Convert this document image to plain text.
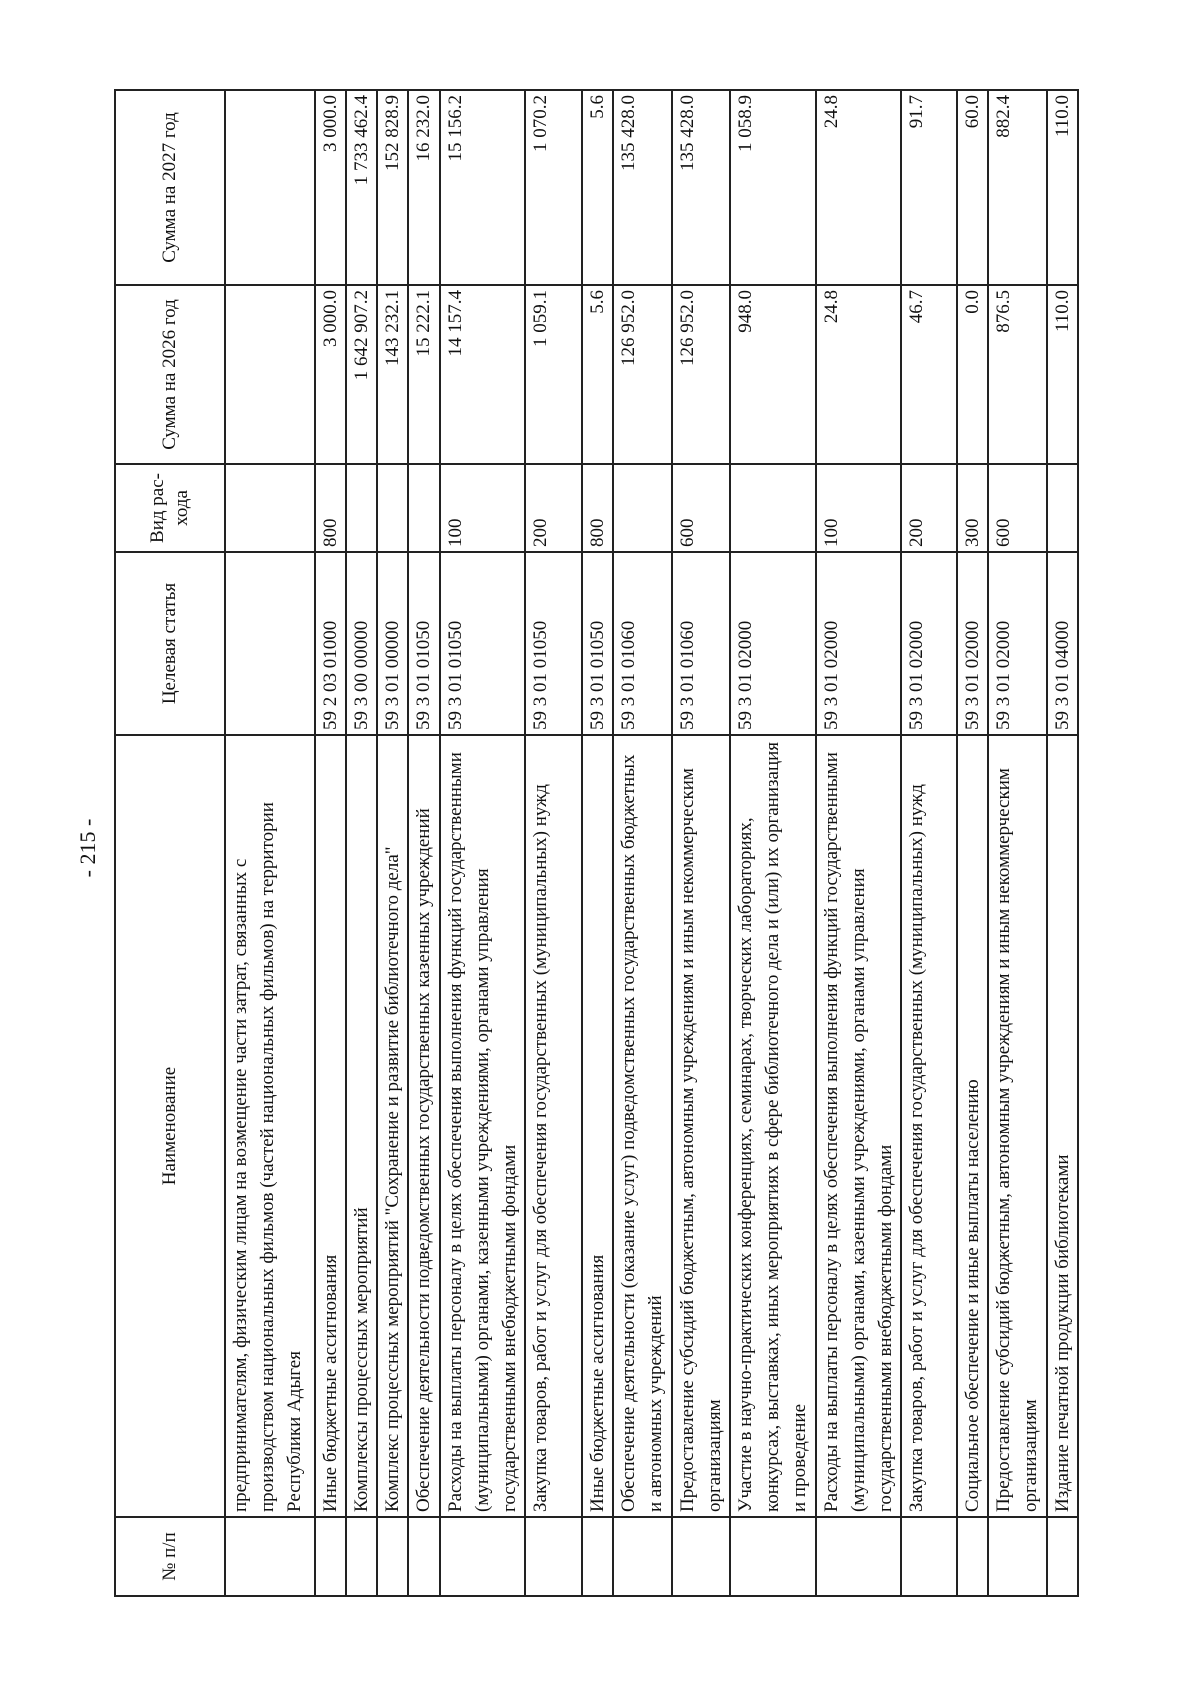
- 215 -
№ п/п	Наименование	Целевая статья	Вид рас-хода	Сумма на 2026 год	Сумма на 2027 год
	предпринимателям, физическим лицам на возмещение части затрат, связанных с производством национальных фильмов (частей национальных фильмов) на территории Республики Адыгея				
	Иные бюджетные ассигнования	59 2 03 01000	800	3 000.0	3 000.0
	Комплексы процессных мероприятий	59 3 00 00000		1 642 907.2	1 733 462.4
	Комплекс процессных мероприятий "Сохранение и развитие библиотечного дела"	59 3 01 00000		143 232.1	152 828.9
	Обеспечение деятельности подведомственных государственных казенных учреждений	59 3 01 01050		15 222.1	16 232.0
	Расходы на выплаты персоналу в целях обеспечения выполнения функций государственными (муниципальными) органами, казенными учреждениями, органами управления государственными внебюджетными фондами	59 3 01 01050	100	14 157.4	15 156.2
	Закупка товаров, работ и услуг для обеспечения государственных (муниципальных) нужд	59 3 01 01050	200	1 059.1	1 070.2
	Иные бюджетные ассигнования	59 3 01 01050	800	5.6	5.6
	Обеспечение деятельности (оказание услуг) подведомственных государственных бюджетных и автономных учреждений	59 3 01 01060		126 952.0	135 428.0
	Предоставление субсидий бюджетным, автономным учреждениям и иным некоммерческим организациям	59 3 01 01060	600	126 952.0	135 428.0
	Участие в научно-практических конференциях, семинарах, творческих лабораториях, конкурсах, выставках, иных мероприятиях в сфере библиотечного дела и (или) их организация и проведение	59 3 01 02000		948.0	1 058.9
	Расходы на выплаты персоналу в целях обеспечения выполнения функций государственными (муниципальными) органами, казенными учреждениями, органами управления государственными внебюджетными фондами	59 3 01 02000	100	24.8	24.8
	Закупка товаров, работ и услуг для обеспечения государственных (муниципальных) нужд	59 3 01 02000	200	46.7	91.7
	Социальное обеспечение и иные выплаты населению	59 3 01 02000	300	0.0	60.0
	Предоставление субсидий бюджетным, автономным учреждениям и иным некоммерческим организациям	59 3 01 02000	600	876.5	882.4
	Издание печатной продукции библиотеками	59 3 01 04000		110.0	110.0
